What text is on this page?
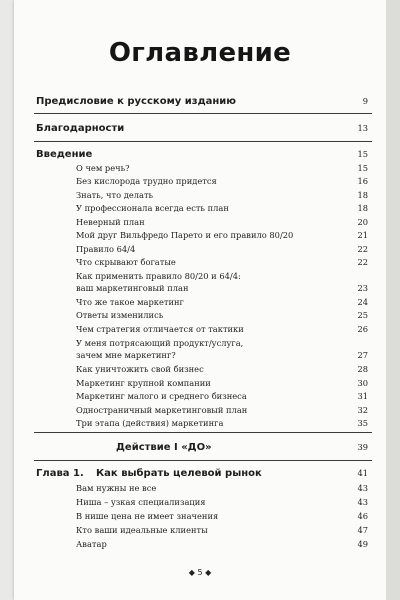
Оглавление
Предисловие к русскому изданию	9
Благодарности	13
Введение	15
О чем речь?	15
Без кислорода трудно придется	16
Знать, что делать	18
У профессионала всегда есть план	18
Неверный план	20
Мой друг Вильфредо Парето и его правило 80/20	21
Правило 64/4	22
Что скрывают богатые	22
Как применить правило 80/20 и 64/4:
ваш маркетинговый план	23
Что же такое маркетинг	24
Ответы изменились	25
Чем стратегия отличается от тактики	26
У меня потрясающий продукт/услуга,
зачем мне маркетинг?	27
Как уничтожить свой бизнес	28
Маркетинг крупной компании	30
Маркетинг малого и среднего бизнеса	31
Одностраничный маркетинговый план	32
Три этапа (действия) маркетинга	35
Действие I «ДО»	39
Глава 1. Как выбрать целевой рынок	41
Вам нужны не все	43
Ниша – узкая специализация	43
В нише цена не имеет значения	46
Кто ваши идеальные клиенты	47
Аватар	49
◆ 5 ◆
